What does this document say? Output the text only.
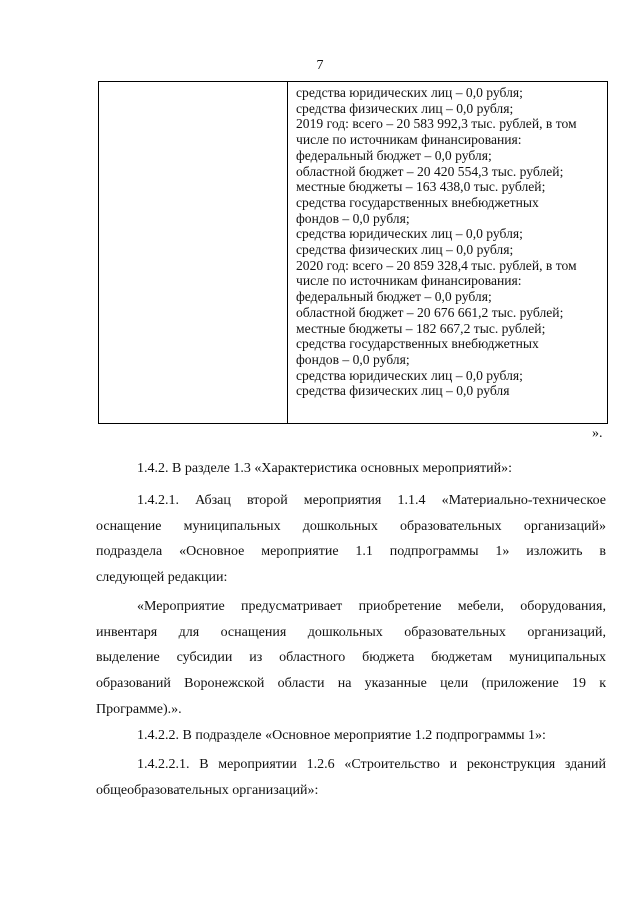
7
средства юридических лиц – 0,0 рубля;
средства физических лиц – 0,0 рубля;
2019 год: всего – 20 583 992,3 тыс. рублей, в том
числе по источникам финансирования:
федеральный бюджет – 0,0 рубля;
областной бюджет – 20 420 554,3 тыс. рублей;
местные бюджеты – 163 438,0 тыс. рублей;
средства государственных внебюджетных
фондов – 0,0 рубля;
средства юридических лиц – 0,0 рубля;
средства физических лиц – 0,0 рубля;
2020 год: всего – 20 859 328,4 тыс. рублей, в том
числе по источникам финансирования:
федеральный бюджет – 0,0 рубля;
областной бюджет – 20 676 661,2 тыс. рублей;
местные бюджеты – 182 667,2 тыс. рублей;
средства государственных внебюджетных
фондов – 0,0 рубля;
средства юридических лиц – 0,0 рубля;
средства физических лиц – 0,0 рубля
».

1.4.2. В разделе 1.3 «Характеристика основных мероприятий»:

1.4.2.1. Абзац второй мероприятия 1.1.4 «Материально-техническое
оснащение муниципальных дошкольных образовательных организаций»
подраздела «Основное мероприятие 1.1 подпрограммы 1» изложить в
следующей редакции:
«Мероприятие предусматривает приобретение мебели, оборудования,
инвентаря для оснащения дошкольных образовательных организаций,
выделение субсидии из областного бюджета бюджетам муниципальных
образований Воронежской области на указанные цели (приложение 19 к
Программе).».

1.4.2.2. В подразделе «Основное мероприятие 1.2 подпрограммы 1»:

1.4.2.2.1. В мероприятии 1.2.6 «Строительство и реконструкция зданий
общеобразовательных организаций»:
